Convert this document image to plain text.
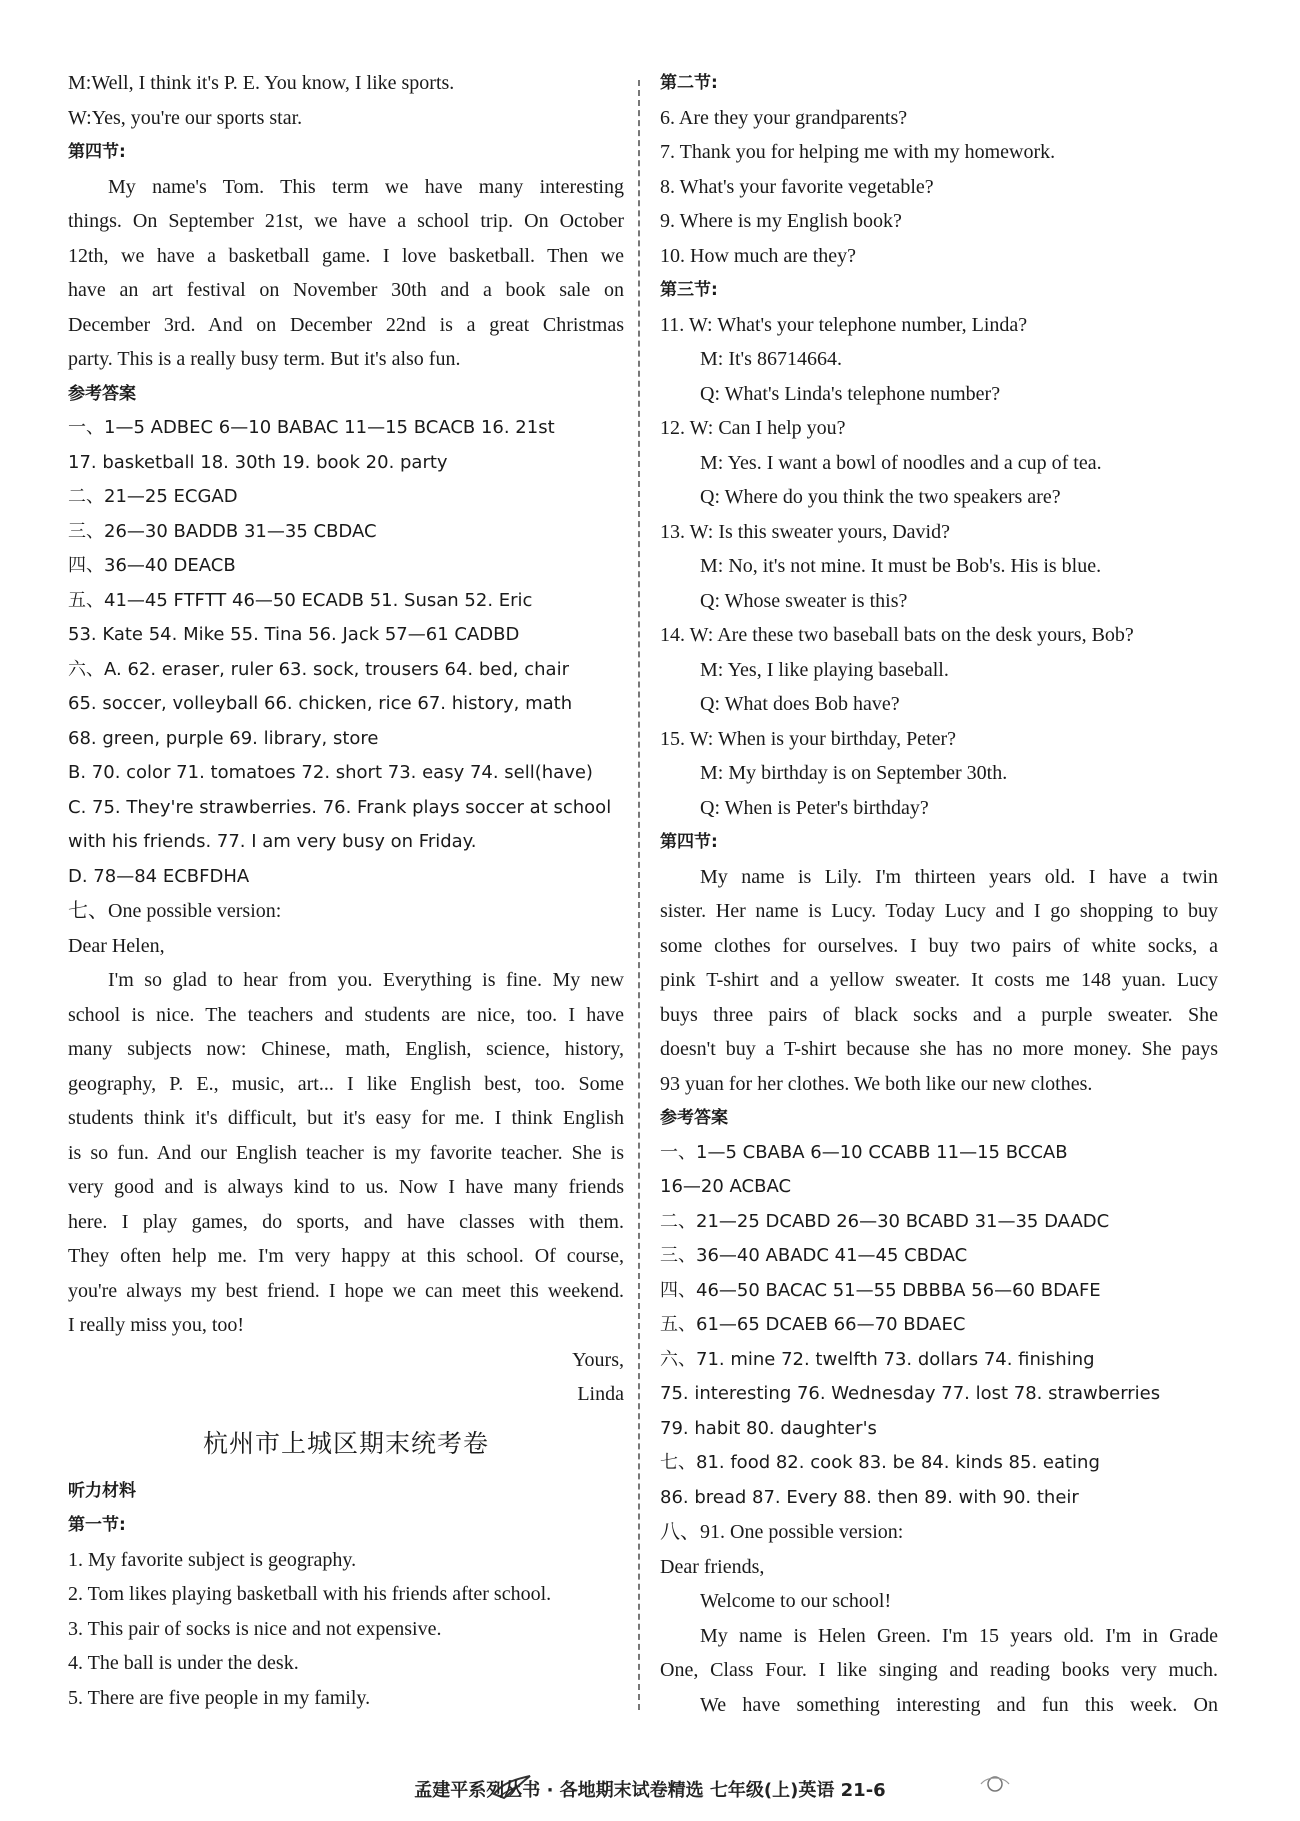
M:Well, I think it's P. E. You know, I like sports.
W:Yes, you're our sports star.
第四节:
My name's Tom. This term we have many interesting
things. On September 21st, we have a school trip. On October
12th, we have a basketball game. I love basketball. Then we
have an art festival on November 30th and a book sale on
December 3rd. And on December 22nd is a great Christmas
party. This is a really busy term. But it's also fun.
参考答案
一、1—5 ADBEC 6—10 BABAC 11—15 BCACB 16. 21st
17. basketball 18. 30th 19. book 20. party
二、21—25 ECGAD
三、26—30 BADDB 31—35 CBDAC
四、36—40 DEACB
五、41—45 FTFTT 46—50 ECADB 51. Susan 52. Eric
53. Kate 54. Mike 55. Tina 56. Jack 57—61 CADBD
六、A. 62. eraser, ruler 63. sock, trousers 64. bed, chair
65. soccer, volleyball 66. chicken, rice 67. history, math
68. green, purple 69. library, store
B. 70. color 71. tomatoes 72. short 73. easy 74. sell(have)
C. 75. They're strawberries. 76. Frank plays soccer at school
with his friends. 77. I am very busy on Friday.
D. 78—84 ECBFDHA
七、One possible version:
Dear Helen,
I'm so glad to hear from you. Everything is fine. My new
school is nice. The teachers and students are nice, too. I have
many subjects now: Chinese, math, English, science, history,
geography, P. E., music, art... I like English best, too. Some
students think it's difficult, but it's easy for me. I think English
is so fun. And our English teacher is my favorite teacher. She is
very good and is always kind to us. Now I have many friends
here. I play games, do sports, and have classes with them.
They often help me. I'm very happy at this school. Of course,
you're always my best friend. I hope we can meet this weekend.
I really miss you, too!
Yours,
Linda
杭州市上城区期末统考卷
听力材料
第一节:
1. My favorite subject is geography.
2. Tom likes playing basketball with his friends after school.
3. This pair of socks is nice and not expensive.
4. The ball is under the desk.
5. There are five people in my family.
第二节:
6. Are they your grandparents?
7. Thank you for helping me with my homework.
8. What's your favorite vegetable?
9. Where is my English book?
10. How much are they?
第三节:
11. W: What's your telephone number, Linda?
M: It's 86714664.
Q: What's Linda's telephone number?
12. W: Can I help you?
M: Yes. I want a bowl of noodles and a cup of tea.
Q: Where do you think the two speakers are?
13. W: Is this sweater yours, David?
M: No, it's not mine. It must be Bob's. His is blue.
Q: Whose sweater is this?
14. W: Are these two baseball bats on the desk yours, Bob?
M: Yes, I like playing baseball.
Q: What does Bob have?
15. W: When is your birthday, Peter?
M: My birthday is on September 30th.
Q: When is Peter's birthday?
第四节:
My name is Lily. I'm thirteen years old. I have a twin
sister. Her name is Lucy. Today Lucy and I go shopping to buy
some clothes for ourselves. I buy two pairs of white socks, a
pink T-shirt and a yellow sweater. It costs me 148 yuan. Lucy
buys three pairs of black socks and a purple sweater. She
doesn't buy a T-shirt because she has no more money. She pays
93 yuan for her clothes. We both like our new clothes.
参考答案
一、1—5 CBABA 6—10 CCABB 11—15 BCCAB
16—20 ACBAC
二、21—25 DCABD 26—30 BCABD 31—35 DAADC
三、36—40 ABADC 41—45 CBDAC
四、46—50 BACAC 51—55 DBBBA 56—60 BDAFE
五、61—65 DCAEB 66—70 BDAEC
六、71. mine 72. twelfth 73. dollars 74. finishing
75. interesting 76. Wednesday 77. lost 78. strawberries
79. habit 80. daughter's
七、81. food 82. cook 83. be 84. kinds 85. eating
86. bread 87. Every 88. then 89. with 90. their
八、91. One possible version:
Dear friends,
Welcome to our school!
My name is Helen Green. I'm 15 years old. I'm in Grade
One, Class Four. I like singing and reading books very much.
We have something interesting and fun this week. On
孟建平系列丛书 · 各地期末试卷精选 七年级(上)英语 21-6
